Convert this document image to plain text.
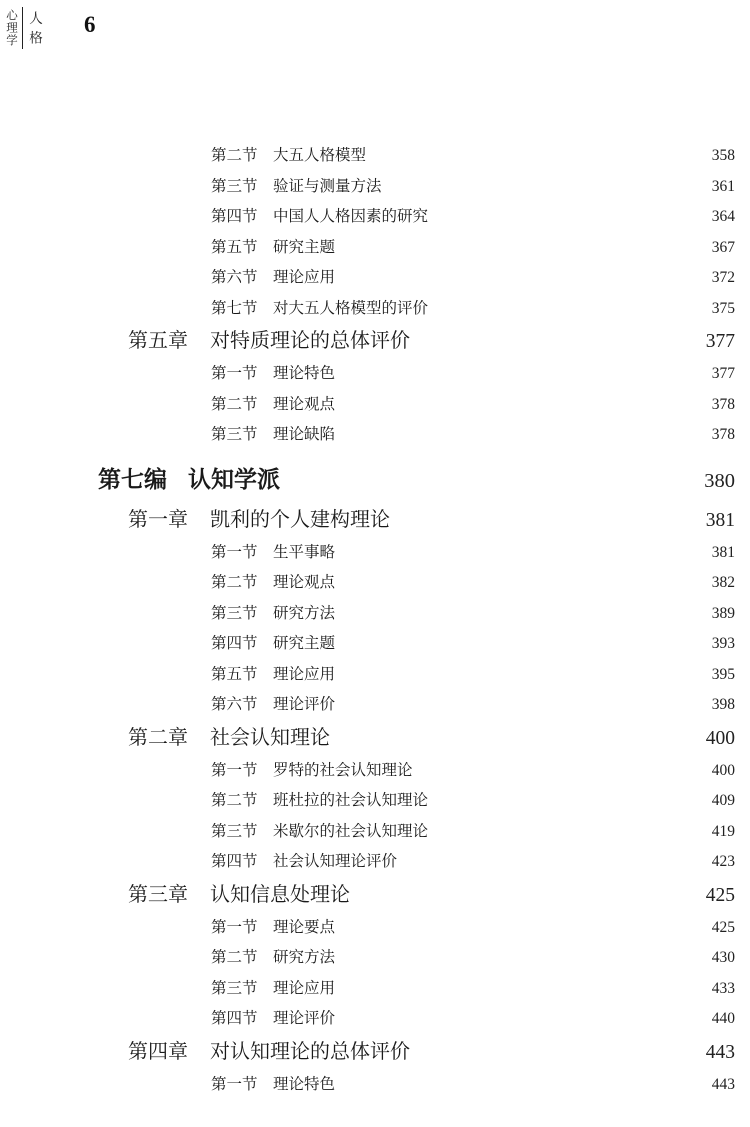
心理学 人格 6
第二节 大五人格模型	358
第三节 验证与测量方法	361
第四节 中国人人格因素的研究	364
第五节 研究主题	367
第六节 理论应用	372
第七节 对大五人格模型的评价	375
第五章	对特质理论的总体评价	377
第一节 理论特色	377
第二节 理论观点	378
第三节 理论缺陷	378
第七编 认知学派	380
第一章	凯利的个人建构理论	381
第一节 生平事略	381
第二节 理论观点	382
第三节 研究方法	389
第四节 研究主题	393
第五节 理论应用	395
第六节 理论评价	398
第二章	社会认知理论	400
第一节 罗特的社会认知理论	400
第二节 班杜拉的社会认知理论	409
第三节 米歇尔的社会认知理论	419
第四节 社会认知理论评价	423
第三章	认知信息处理论	425
第一节 理论要点	425
第二节 研究方法	430
第三节 理论应用	433
第四节 理论评价	440
第四章	对认知理论的总体评价	443
第一节 理论特色	443
